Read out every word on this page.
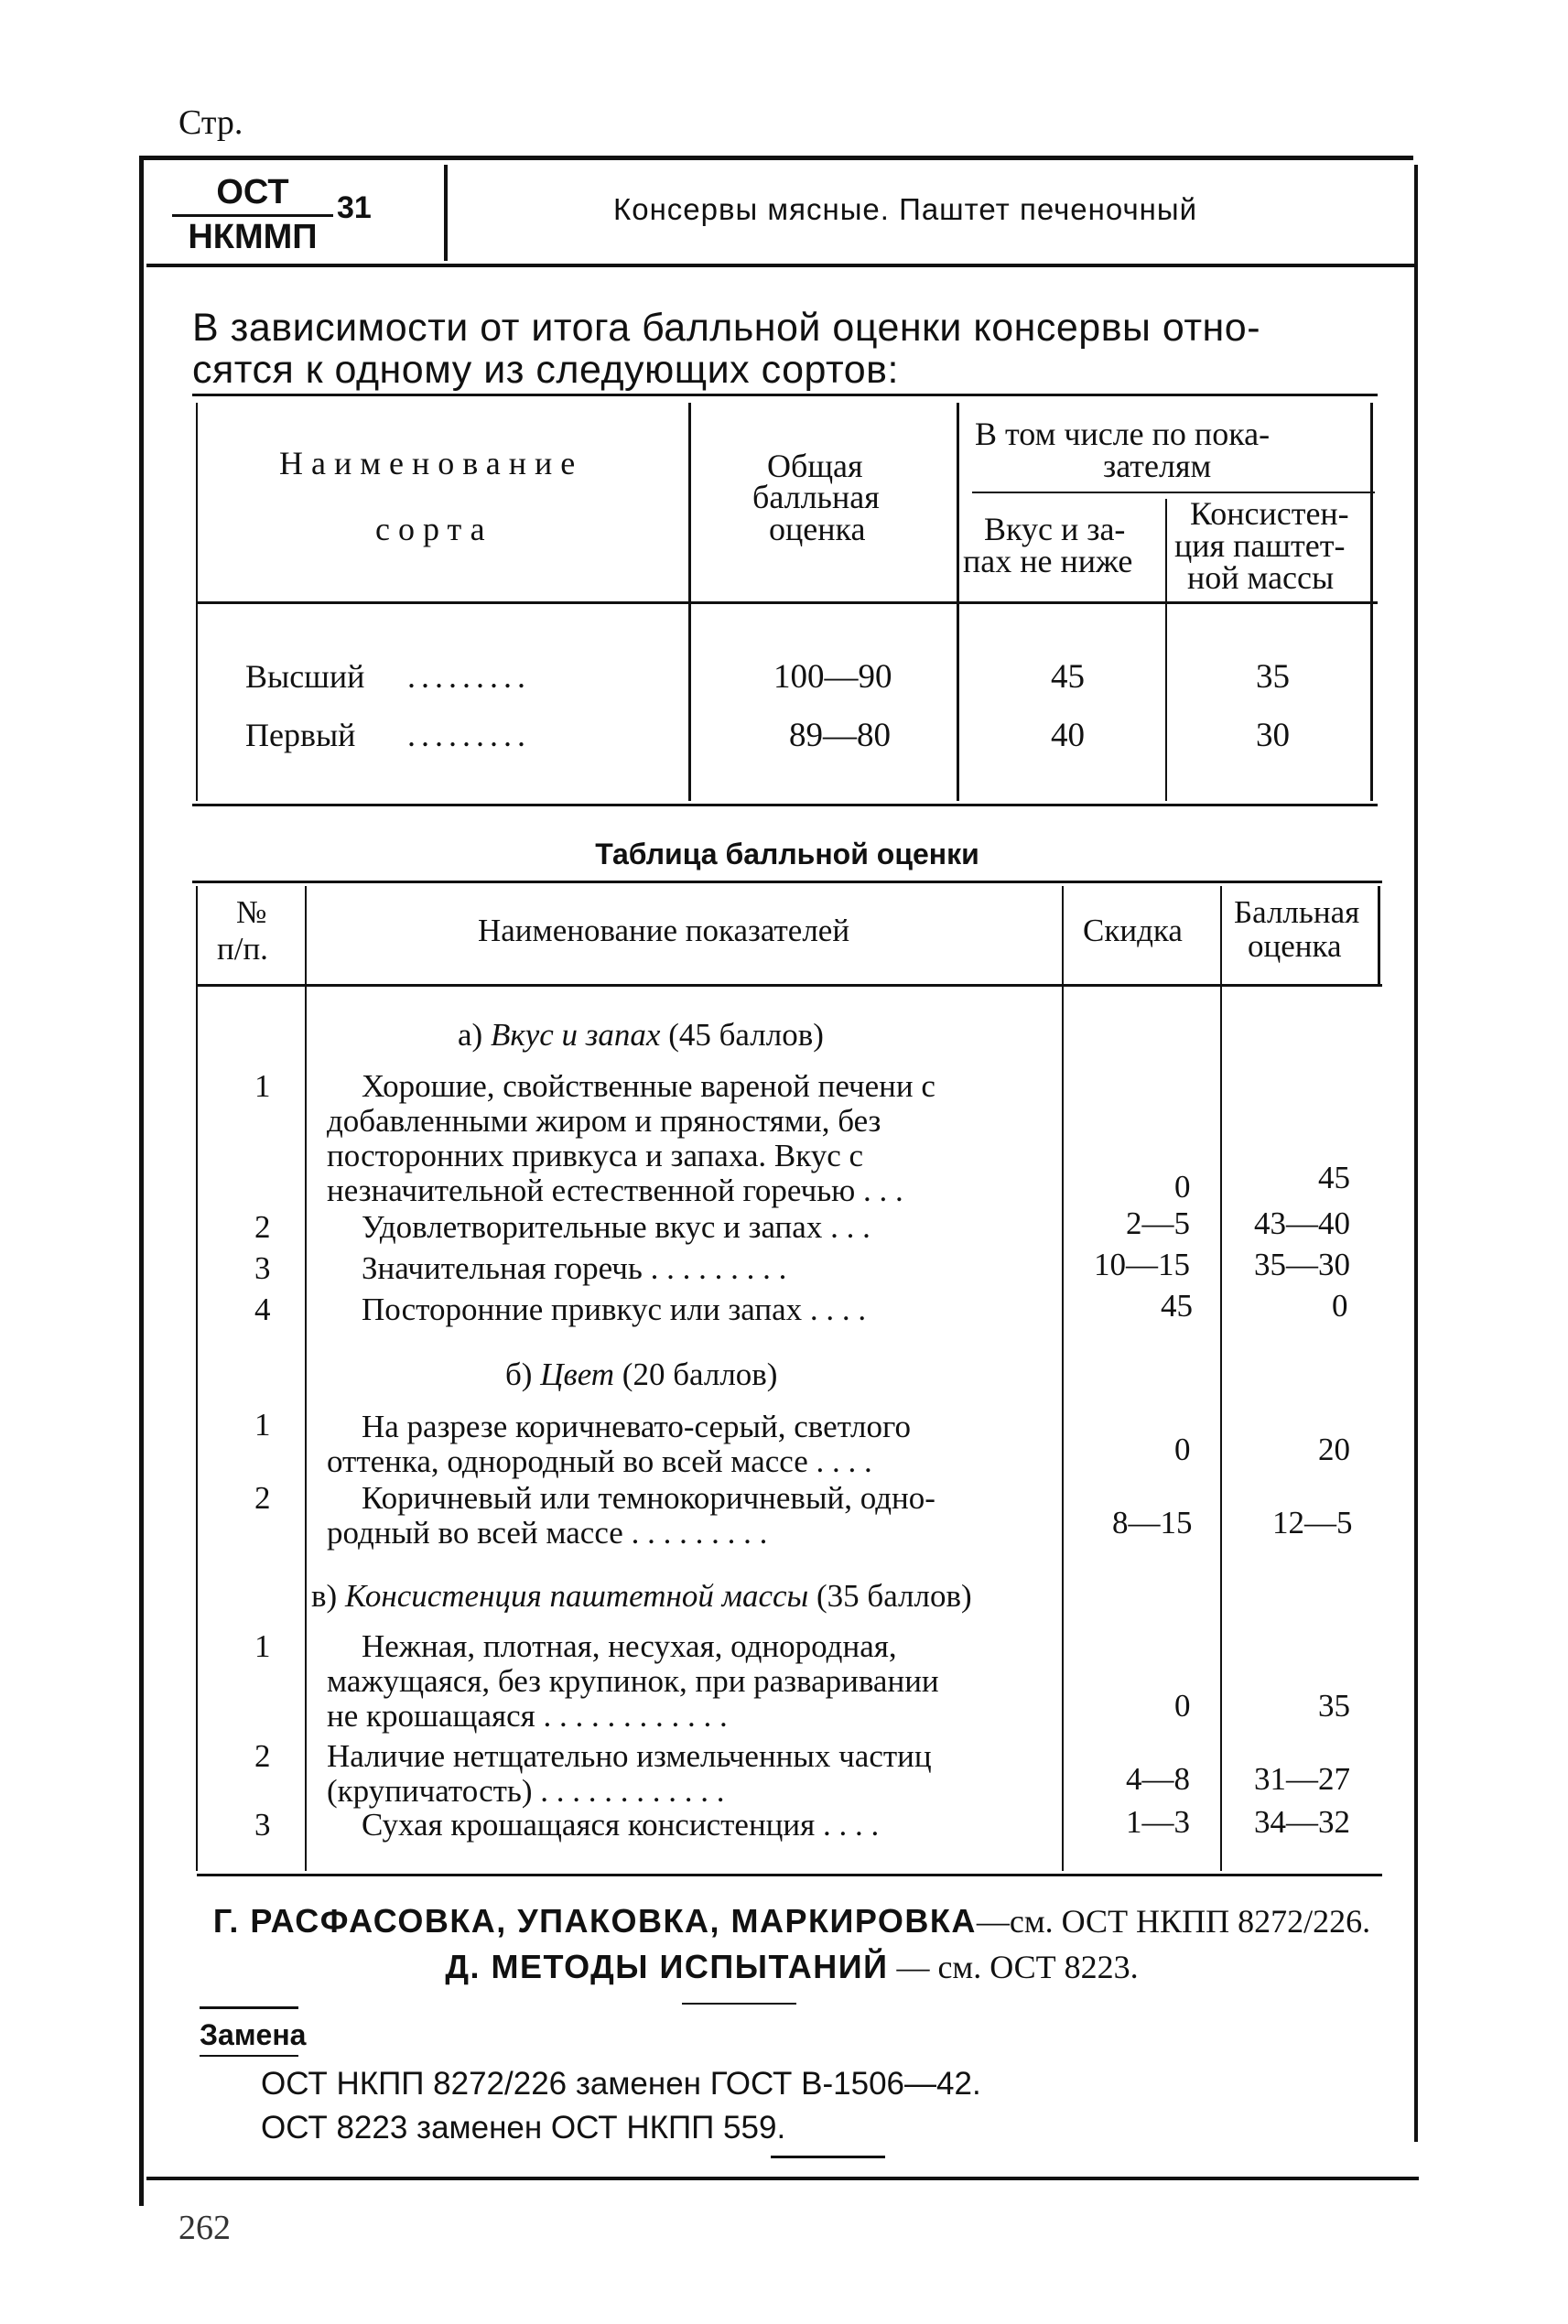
Стр.
ОСТ
НКММП
31	Консервы мясные. Паштет печеночный
В зависимости от итога балльной оценки консервы отно-
сятся к одному из следующих сортов:
Наименование
сорта
Общая
балльная
оценка
В том числе по пока-
зателям
Вкус и за-
пах не ниже
Консистен-
ция паштет-
ной массы
Высший .........	100—90	45	35
Первый .........	89—80	40	30
Таблица балльной оценки
№
п/п.
Наименование показателей	Скидка
Балльная
оценка
а) Вкус и запах (45 баллов)
1	Хорошие, свойственные вареной печени с
добавленными жиром и пряностями, без
посторонних привкуса и запаха. Вкус с
незначительной естественной горечью . . .	0	45
2	Удовлетворительные вкус и запах . . .	2—5 43—40
3	Значительная горечь . . . . . . . . .	10—15 35—30
4	Посторонние привкус или запах . . . .	45	0
б) Цвет (20 баллов)
1	На разрезе коричневато-серый, светлого
оттенка, однородный во всей массе . . . .	0	20
2	Коричневый или темнокоричневый, одно-
родный во всей массе . . . . . . . . .	8—15	12—5
в) Консистенция паштетной массы (35 баллов)
1	Нежная, плотная, несухая, однородная,
мажущаяся, без крупинок, при разваривании
не крошащаяся . . . . . . . . . . . .	0	35
2 Наличие нетщательно измельченных частиц
(крупичатость) . . . . . . . . . . . .	4—8 31—27
3	Сухая крошащаяся консистенция . . . .	1—3 34—32
Г. РАСФАСОВКА, УПАКОВКА, МАРКИРОВКА—см. ОСТ НКПП 8272/226.
Д. МЕТОДЫ ИСПЫТАНИЙ — см. ОСТ 8223.
Замена
ОСТ НКПП 8272/226 заменен ГОСТ В-1506—42.
ОСТ 8223 заменен ОСТ НКПП 559.
262
